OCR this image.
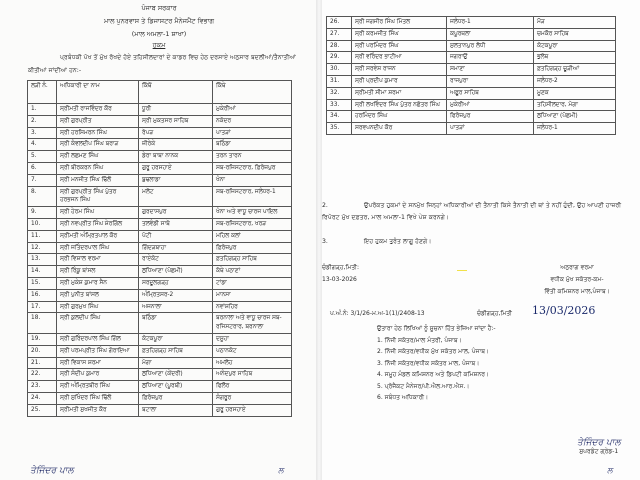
ਪੰਜਾਬ ਸਰਕਾਰ
ਮਾਲ ਪੁਨਰਵਾਸ ਤੇ ਡਿਜਾਸਟਰ ਮੈਨੇਜਮੈਂਟ ਵਿਭਾਗ
(ਮਾਲ ਅਮਲਾ-1 ਸ਼ਾਖਾ)
ਹੁਕਮ
ਪ੍ਰਬੰਧਕੀ ਪੱਖ ਤੋਂ ਮੁੱਖ ਰੱਖਦੇ ਹੋਏ ਤਹਿਸੀਲਦਾਰਾਂ ਦੇ ਕਾਡਰ ਵਿਚ ਹੇਠ ਦਰਸਾਏ ਅਨੁਸਾਰ ਬਦਲੀਆਂ/ਤੈਨਾਤੀਆਂ ਕੀਤੀਆਂ ਜਾਂਦੀਆਂ ਹਨ:-
ਲੜੀ ਨੰ.	ਅਧਿਕਾਰੀ ਦਾ ਨਾਮ	ਕਿੱਥੋਂ	ਕਿੱਥੇ
1.	ਸ੍ਰੀਮਤੀ ਰਾਜਵਿੰਦਰ ਕੌਰ	ਧੂਰੀ	ਮੁਕੇਰੀਆਂ
2.	ਸ੍ਰੀ ਗੁਰਪ੍ਰੀਤ	ਸ੍ਰੀ ਮੁਕਤਸਰ ਸਾਹਿਬ	ਨਕੋਦਰ
3.	ਸ੍ਰੀ ਹਰਸਿਮਰਨ ਸਿੰਘ	ਰੋਪੜ	ਪਾਤੜਾਂ
4.	ਸ੍ਰੀ ਕੰਵਲਦੀਪ ਸਿੰਘ ਬਰਾੜ	ਜ਼ੀਰੇਕੇ	ਬਠਿੰਡਾ
5.	ਸ੍ਰੀ ਲਛਮਣ ਸਿੰਘ	ਡੇਰਾ ਬਾਬਾ ਨਾਨਕ	ਤਰਨ ਤਾਰਨ
6.	ਸ੍ਰੀ ਬੀਰਕਰਨ ਸਿੰਘ	ਗੁਰੂ ਹਰਸਹਾਏ	ਸਬ-ਰਜਿਸਟਰਾਰ, ਫ਼ਿਰੋਜ਼ਪੁਰ
7.	ਸ੍ਰੀ ਮਨਜੀਤ ਸਿੰਘ ਢਿੱਲੋਂ	ਬੁਢਲਾਡਾ	ਖੰਨਾ
8.	ਸ੍ਰੀ ਗੁਰਪ੍ਰੀਤ ਸਿੰਘ ਪੁੱਤਰ ਹਰਭਜਨ ਸਿੰਘ	ਮਲੋਟ	ਸਬ-ਰਜਿਸਟਰਾਰ, ਜਲੰਧਰ-1
9.	ਸ੍ਰੀ ਹੇਰਮ ਸਿੰਘ	ਗੁਰਦਾਸਪੁਰ	ਖੰਨਾ ਅਤੇ ਵਾਧੂ ਚਾਰਜ ਪਾਇਲ
10.	ਸ੍ਰੀ ਨਵਪ੍ਰੀਤ ਸਿੰਘ ਸ਼ੇਰਗਿੱਲ	ਤਲਵੰਡੀ ਸਾਬੋ	ਸਬ-ਰਜਿਸਟਰਾਰ, ਖਰੜ
11.	ਸ੍ਰੀਮਤੀ ਅੰਮ੍ਰਿਤਪਾਲ ਕੌਰ	ਪੱਟੀ	ਮਹਿਲ ਕਲਾਂ
12.	ਸ੍ਰੀ ਜਤਿੰਦਰਪਾਲ ਸਿੰਘ	ਗਿੱਦੜਬਾਹਾ	ਫ਼ਿਰੋਜ਼ਪੁਰ
13.	ਸ੍ਰੀ ਵਿਸ਼ਾਲ ਵਰਮਾ	ਰਾਏਕੋਟ	ਫ਼ਤਹਿਗੜ੍ਹ ਸਾਹਿਬ
14.	ਸ੍ਰੀ ਰਿੰਕੂ ਬਾਂਸਲ	ਲੁਧਿਆਣਾ (ਪੱਛਮੀ)	ਕੱਥੇ ਪਠਾਣਾਂ
15.	ਸ੍ਰੀ ਮੁਕੇਸ਼ ਕੁਮਾਰ ਸੈਨ	ਸਰਦੂਲਗੜ੍ਹ	ਟਾਂਡਾ
16.	ਸ੍ਰੀ ਪੁਨੀਤ ਬਾਂਸਲ	ਅੰਮ੍ਰਿਤਸਰ-2	ਮਾਨਸਾ
17.	ਸ੍ਰੀ ਗੁਰਮੁਖ ਸਿੰਘ	ਅਜਨਾਲਾ	ਨਵਾਂਸ਼ਹਿਰ
18.	ਸ੍ਰੀ ਕੁਲਦੀਪ ਸਿੰਘ	ਬਠਿੰਡਾ	ਬਰਨਾਲਾ ਅਤੇ ਵਾਧੂ ਚਾਰਜ ਸਬ-ਰਜਿਸਟਰਾਰ, ਬਰਨਾਲਾ
19.	ਸ੍ਰੀ ਗੁਰਿੰਦਰਪਾਲ ਸਿੰਘ ਗਿੱਲ	ਕੋਟਕਪੂਰਾ	ਦਸੂਹਾ
20.	ਸ੍ਰੀ ਪਰਮਪ੍ਰੀਤ ਸਿੰਘ ਗੋਰਾਇਆ	ਫ਼ਤਹਿਗੜ੍ਹ ਸਾਹਿਬ	ਪਠਾਨਕੋਟ
21.	ਸ੍ਰੀ ਵਿਕਾਸ ਸ਼ਰਮਾ	ਮੋਗਾ	ਅਮਲੋਹ
22.	ਸ੍ਰੀ ਸੰਦੀਪ ਕੁਮਾਰ	ਲੁਧਿਆਣਾ (ਕੇਂਦਰੀ)	ਅਨੰਦਪੁਰ ਸਾਹਿਬ
23.	ਸ੍ਰੀ ਅੰਮ੍ਰਿਤਬੀਰ ਸਿੰਘ	ਲੁਧਿਆਣਾ (ਪੂਰਬੀ)	ਫਿਲੌਰ
24.	ਸ੍ਰੀ ਸੁਖਿੰਦਰ ਸਿੰਘ ਢਿੱਲੋਂ	ਫ਼ਿਰੋਜ਼ਪੁਰ	ਸੰਗਰੂਰ
25.	ਸ੍ਰੀਮਤੀ ਸੁਖਜੀਤ ਕੌਰ	ਬਟਾਲਾ	ਗੁਰੂ ਹਰਸਹਾਏ
ਤੇਜਿੰਦਰ ਪਾਲ	ਲ
26.	ਸ੍ਰੀ ਜਗਜੀਰ ਸਿੰਘ ਮਿੱਤਲ	ਜਲੰਧਰ-1	ਮੌੜ
27.	ਸ੍ਰੀ ਕਰਮਜੀਤ ਸਿੰਘ	ਕਪੂਰਥਲਾ	ਚਮਕੌਰ ਸਾਹਿਬ
28.	ਸ੍ਰੀ ਪਰਮਿੰਦਰ ਸਿੰਘ	ਸੁਲਤਾਨਪੁਰ ਲੋਧੀ	ਕੋਟਕਪੂਰਾ
29.	ਸ੍ਰੀ ਵਰਿੰਦਰ ਭਾਟੀਆ	ਜਗਰਾਉਂ	ਭੁਲੱਥ
30.	ਸ੍ਰੀ ਸਰਵੇਸ਼ ਰਾਜਨ	ਸਮਾਣਾ	ਫ਼ਤਹਿਗੜ੍ਹ ਚੂੜੀਆਂ
31.	ਸ੍ਰੀ ਪ੍ਰਦੀਪ ਕੁਮਾਰ	ਰਾਜਪੁਰਾ	ਜਲੰਧਰ-2
32.	ਸ੍ਰੀਮਤੀ ਸੀਮਾ ਸ਼ਰਮਾ	ਅਫ਼ੂਰ ਸਾਹਿਬ	ਮੂਣਕ
33.	ਸ੍ਰੀ ਲਖਵਿੰਦਰ ਸਿੰਘ ਪੁੱਤਰ ਨਛੱਤਰ ਸਿੰਘ	ਮੁਕੇਰੀਆਂ	ਤਹਿਸੀਲਦਾਰ, ਮੋਗਾ
34.	ਹਰਮਿੰਦਰ ਸਿੰਘ	ਫਿਰੋਜ਼ਪੁਰ	ਲੁਧਿਆਣਾ (ਪੱਛਮੀ)
35.	ਸਰਵਪਨਦੀਪ ਕੌਰ	ਪਾਤੜਾਂ	ਜਲੰਧਰ-1
2.	ਉਪਰੋਕਤ ਹੁਕਮਾਂ ਦੇ ਸਨਮੁੱਖ ਜਿਨ੍ਹਾਂ ਅਧਿਕਾਰੀਆਂ ਦੀ ਤੈਨਾਤੀ ਕਿਸੇ ਤੈਨਾਤੀ ਦੀ ਥਾਂ ਤੇ ਨਹੀਂ ਹੁੰਦੀ, ਉਹ ਆਪਣੀ ਹਾਜ਼ਰੀ ਰਿਪੋਰਟ ਮੁੱਖ ਦਫ਼ਤਰ, ਮਾਲ ਅਮਲਾ-1 ਵਿਖੇ ਪੇਸ਼ ਕਰਨਗੇ।
3.	ਇਹ ਹੁਕਮ ਤੁਰੰਤ ਲਾਗੂ ਹੋਣਗੇ।
ਚੰਡੀਗੜ੍ਹ,ਮਿਤੀ:
13-03-2026
ਅਨੁਰਾਗ ਵਰਮਾ
ਵਧੀਕ ਮੁੱਖ ਸਕੱਤਰ-ਕਮ-
ਵਿੱਤੀ ਕਮਿਸ਼ਨਰ ਮਾਲ,ਪੰਜਾਬ।
ਪ.ਅੰ.ਨੰ: 3/1/26-ਮ.ਅ-1(1)/2408-13	ਚੰਡੀਗੜ੍ਹ,ਮਿਤੀ 13/03/2026
ਉਤਾਰਾ ਹੇਠ ਲਿਖਿਆਂ ਨੂੰ ਸੂਚਨਾ ਹਿੱਤ ਭੇਜਿਆ ਜਾਂਦਾ ਹੈ:-
1. ਨਿੱਜੀ ਸਕੱਤਰ/ਮਾਲ ਮੰਤਰੀ, ਪੰਜਾਬ।
2. ਨਿੱਜੀ ਸਕੱਤਰ/ਵਧੀਕ ਮੁੱਖ ਸਕੱਤਰ ਮਾਲ, ਪੰਜਾਬ।
3. ਨਿੱਜੀ ਸਕੱਤਰ/ਵਧੀਕ ਸਕੱਤਰ ਮਾਲ, ਪੰਜਾਬ।
4. ਸਮੂਹ ਮੰਡਲ ਕਮਿਸ਼ਨਰ ਅਤੇ ਡਿਪਟੀ ਕਮਿਸ਼ਨਰ।
5. ਪ੍ਰੋਜੈਕਟ ਮੈਨੇਜਰ/ਪੀ.ਐਲ.ਆਰ.ਐਸ.।
6. ਸਬੰਧਤ ਅਧਿਕਾਰੀ।
ਤੇਜਿੰਦਰ ਪਾਲ
ਸੁਪਰਡੰਟ ਗ੍ਰੇਡ-1
ਲ
